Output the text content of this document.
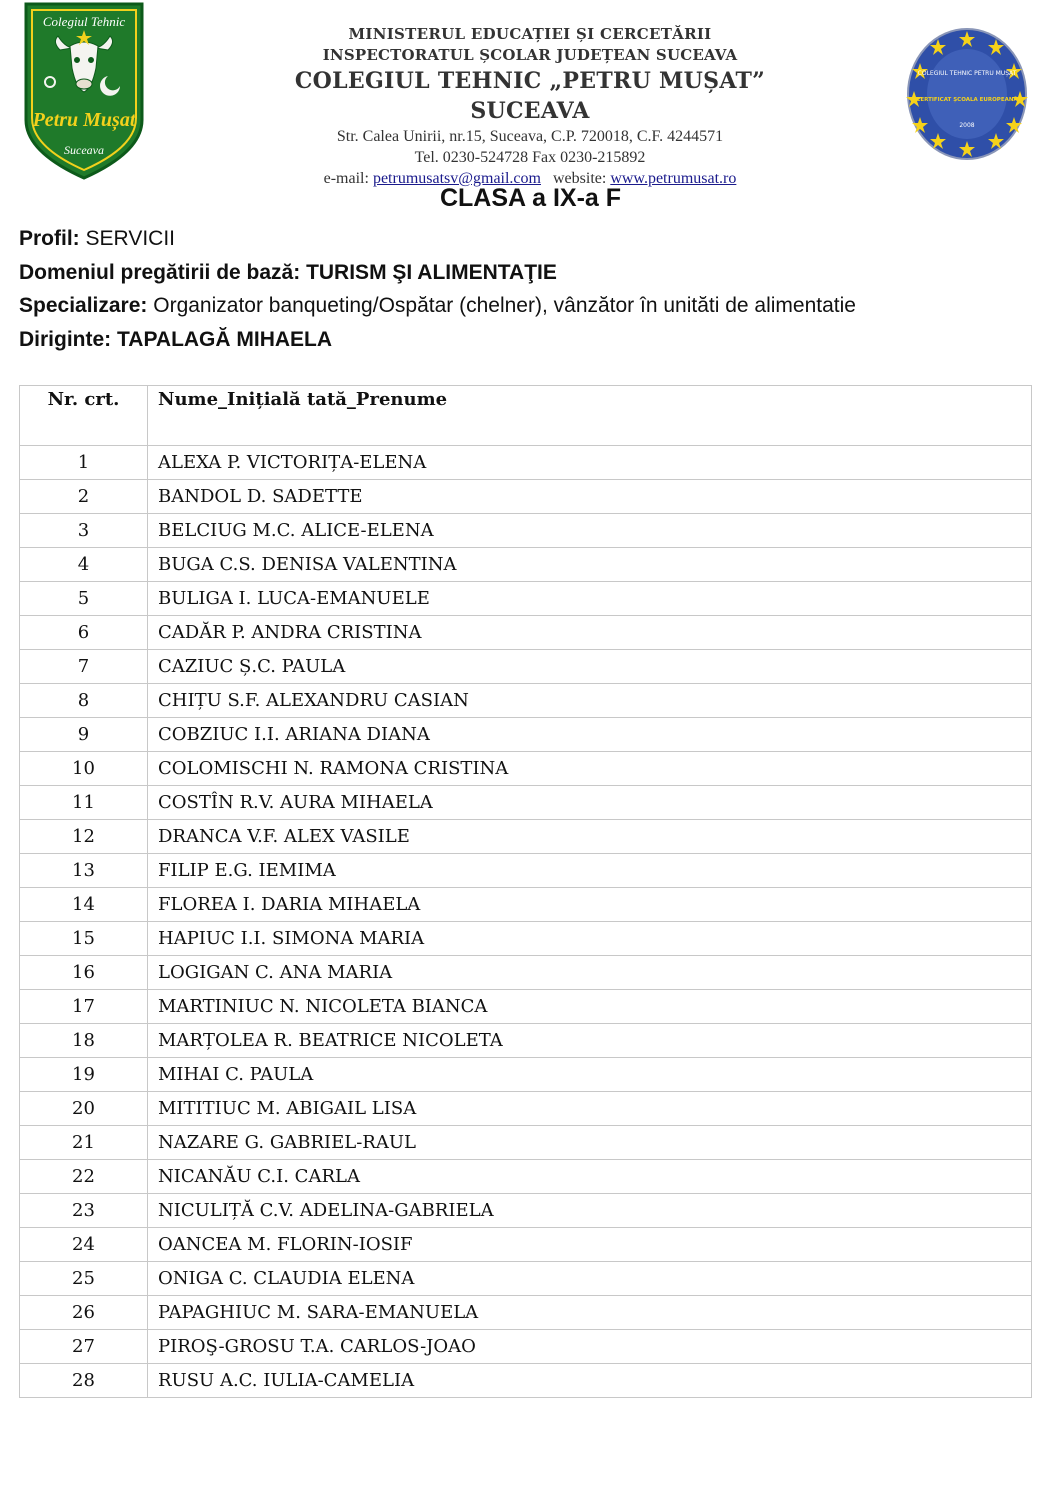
Colegiul Tehnic
Petru Mușat
Suceava
MINISTERUL EDUCAȚIEI ȘI CERCETĂRII
INSPECTORATUL ȘCOLAR JUDEȚEAN SUCEAVA
COLEGIUL TEHNIC „PETRU MUȘAT” SUCEAVA
Str. Calea Unirii, nr.15, Suceava, C.P. 720018, C.F. 4244571
Tel. 0230-524728 Fax 0230-215892
e-mail: petrumusatsv@gmail.com website: www.petrumusat.ro
COLEGIUL TEHNIC PETRU MUȘAT
CERTIFICAT ȘCOALA EUROPEANĂ
2008
CLASA a IX-a F
Profil: SERVICII
Domeniul pregătirii de bază: TURISM ŞI ALIMENTAŢIE
Specializare: Organizator banqueting/Ospătar (chelner), vânzător în unităti de alimentatie
Diriginte: TAPALAGĂ MIHAELA
Nr. crt.	Nume_Inițială tată_Prenume
1	ALEXA P. VICTORIȚA-ELENA
2	BANDOL D. SADETTE
3	BELCIUG M.C. ALICE-ELENA
4	BUGA C.S. DENISA VALENTINA
5	BULIGA I. LUCA-EMANUELE
6	CADĂR P. ANDRA CRISTINA
7	CAZIUC Ș.C. PAULA
8	CHIȚU S.F. ALEXANDRU CASIAN
9	COBZIUC I.I. ARIANA DIANA
10	COLOMISCHI N. RAMONA CRISTINA
11	COSTÎN R.V. AURA MIHAELA
12	DRANCA V.F. ALEX VASILE
13	FILIP E.G. IEMIMA
14	FLOREA I. DARIA MIHAELA
15	HAPIUC I.I. SIMONA MARIA
16	LOGIGAN C. ANA MARIA
17	MARTINIUC N. NICOLETA BIANCA
18	MARȚOLEA R. BEATRICE NICOLETA
19	MIHAI C. PAULA
20	MITITIUC M. ABIGAIL LISA
21	NAZARE G. GABRIEL-RAUL
22	NICANĂU C.I. CARLA
23	NICULIȚĂ C.V. ADELINA-GABRIELA
24	OANCEA M. FLORIN-IOSIF
25	ONIGA C. CLAUDIA ELENA
26	PAPAGHIUC M. SARA-EMANUELA
27	PIROŞ-GROSU T.A. CARLOS-JOAO
28	RUSU A.C. IULIA-CAMELIA
